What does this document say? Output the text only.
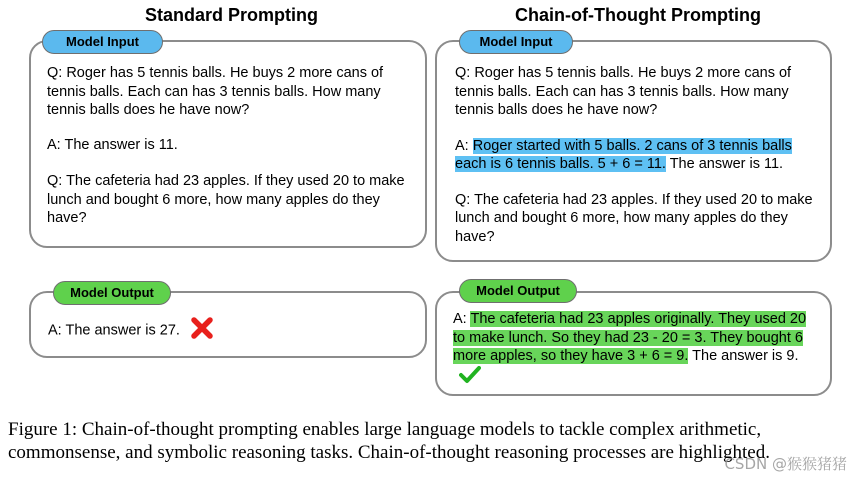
Standard Prompting	Chain-of-Thought Prompting
Model Input

Q: Roger has 5 tennis balls. He buys 2 more cans of tennis balls. Each can has 3 tennis balls. How many tennis balls does he have now?

A: The answer is 11.

Q: The cafeteria had 23 apples. If they used 20 to make lunch and bought 6 more, how many apples do they have?

Model Output
A: The answer is 27.
Model Input

Q: Roger has 5 tennis balls. He buys 2 more cans of tennis balls. Each can has 3 tennis balls. How many tennis balls does he have now?

A: Roger started with 5 balls. 2 cans of 3 tennis balls each is 6 tennis balls. 5 + 6 = 11. The answer is 11.

Q: The cafeteria had 23 apples. If they used 20 to make lunch and bought 6 more, how many apples do they have?

Model Output
A: The cafeteria had 23 apples originally. They used 20 to make lunch. So they had 23 - 20 = 3. They bought 6 more apples, so they have 3 + 6 = 9. The answer is 9.
Figure 1: Chain-of-thought prompting enables large language models to tackle complex arithmetic,
commonsense, and symbolic reasoning tasks. Chain-of-thought reasoning processes are highlighted.
CSDN @猴猴猪猪
